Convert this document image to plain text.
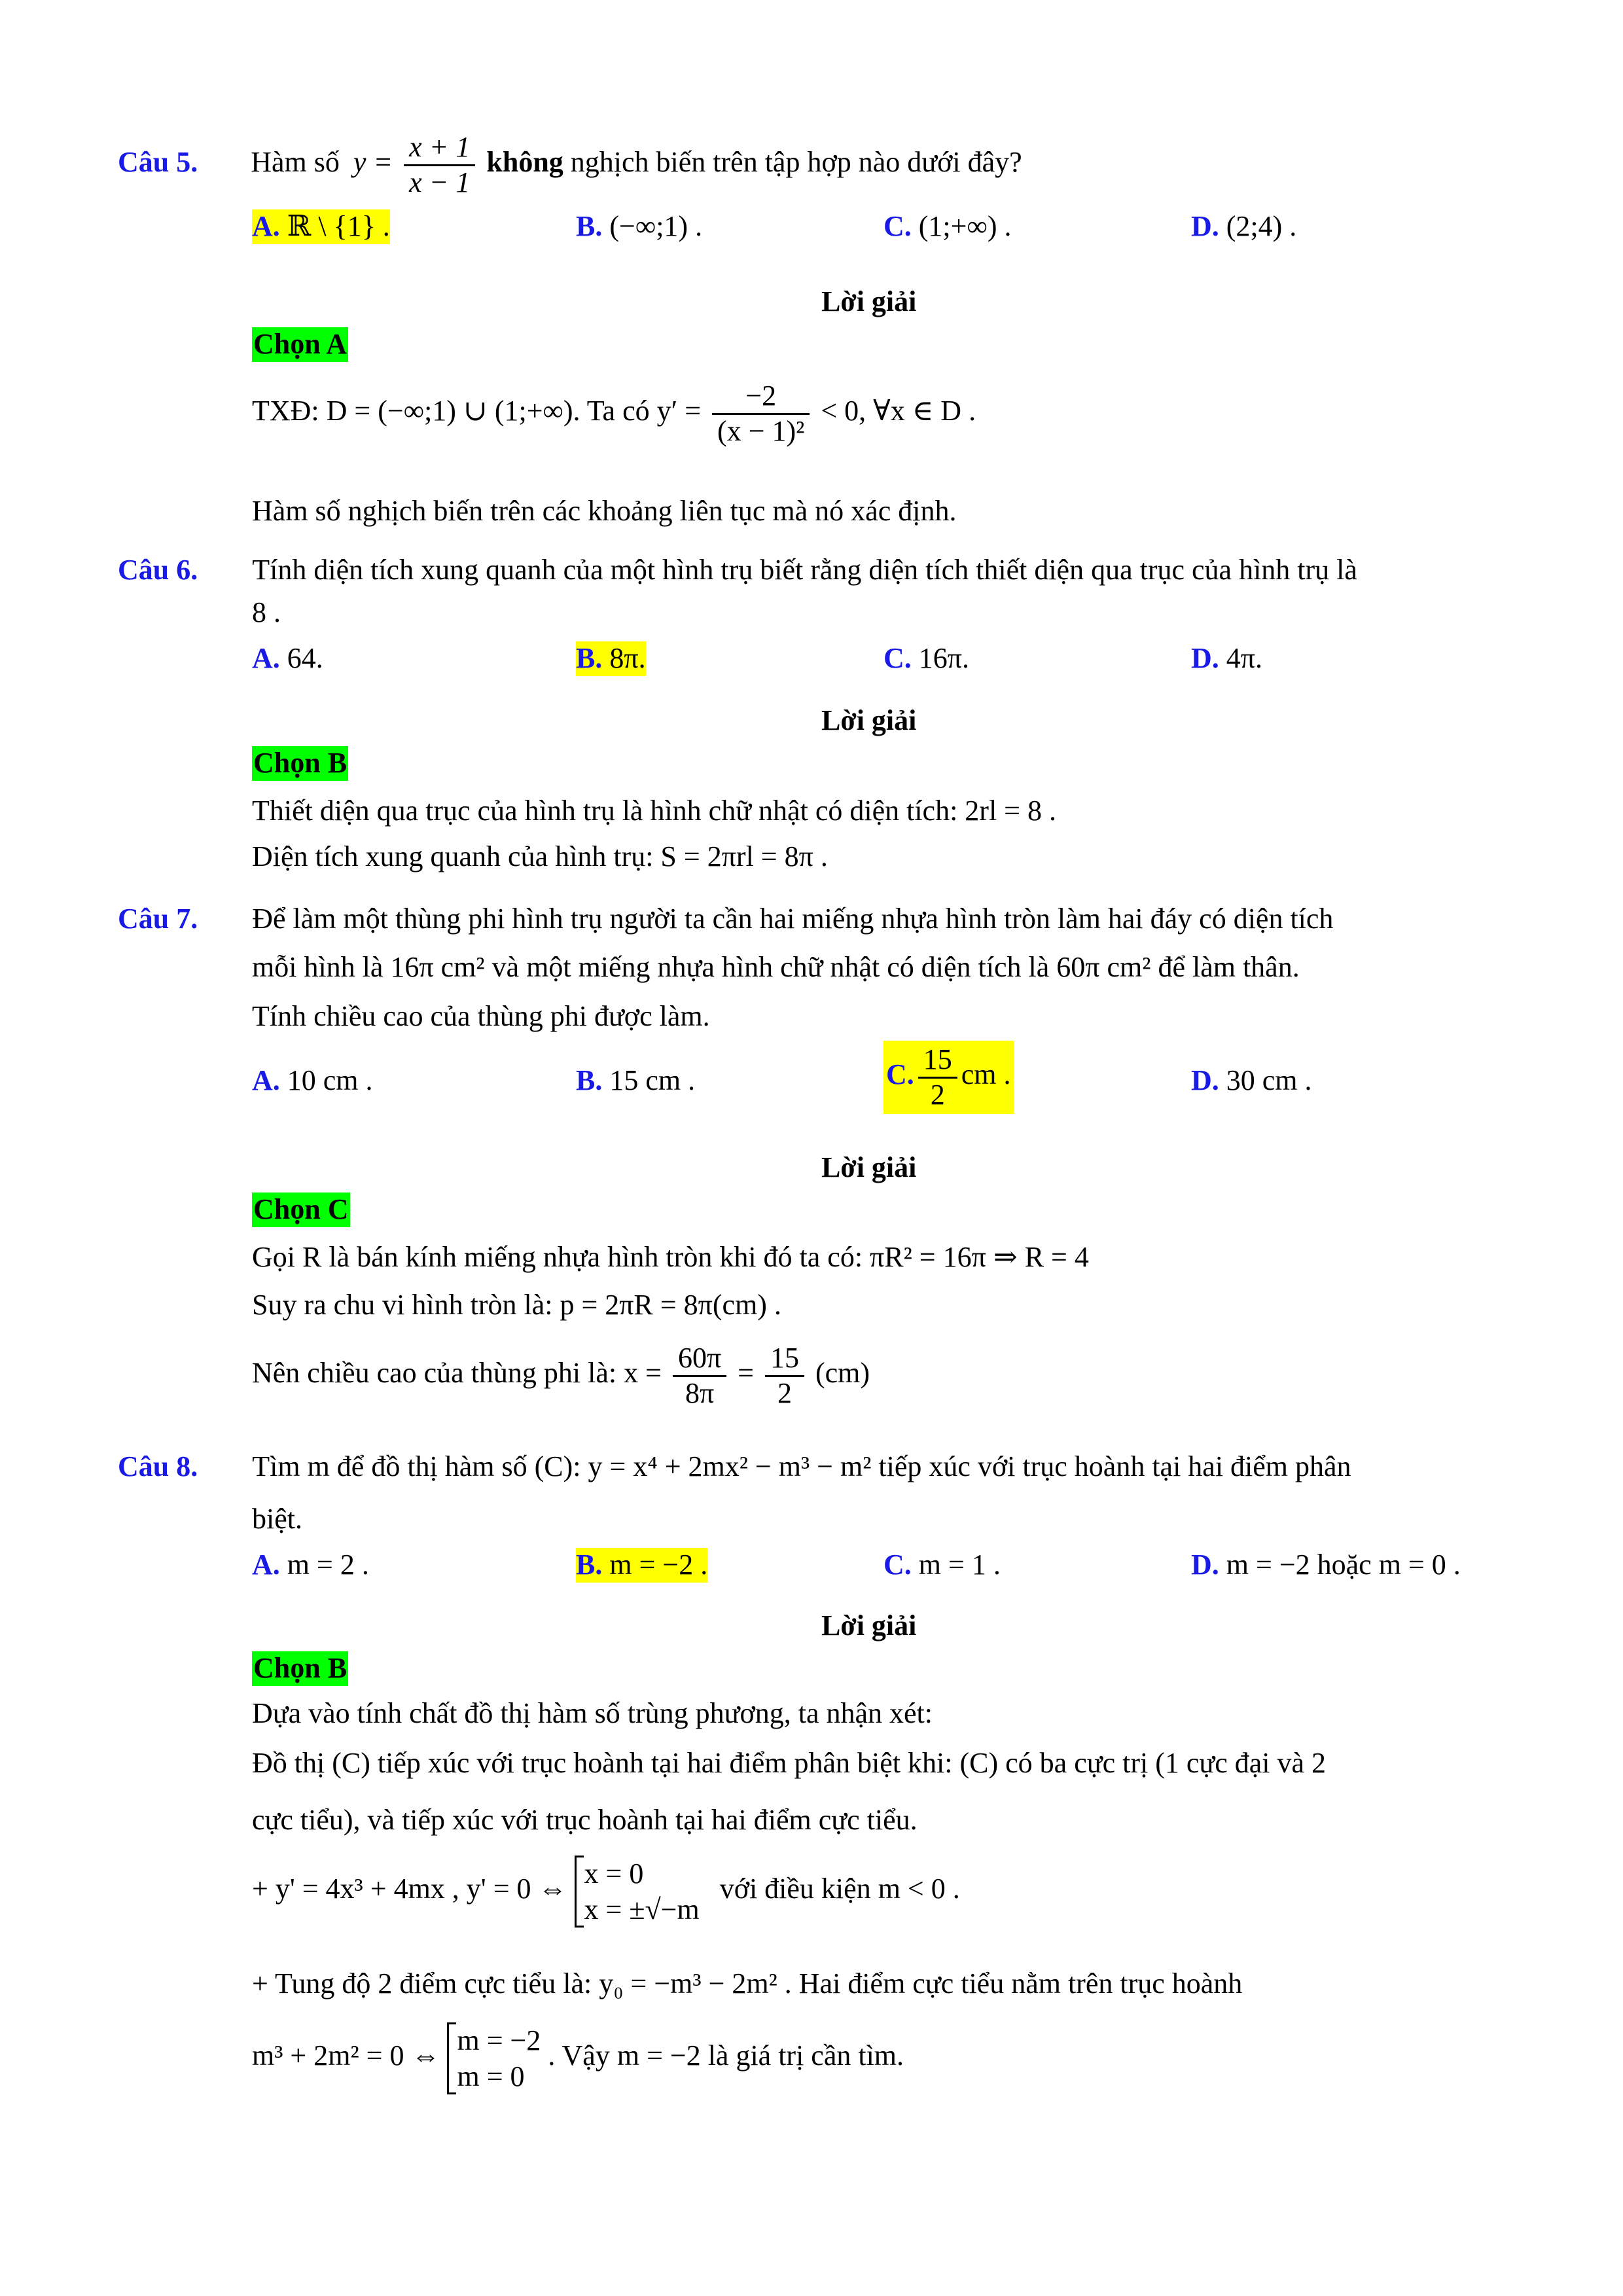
Câu 5. Hàm số $y = \frac{x + 1}{x - 1}$ không nghịch biến trên tập hợp nào dưới đây?
A. ℝ \ {1} .	B. (−∞;1) .	C. (1;+∞) .	D. (2;4) .
Lời giải
Chọn A
TXĐ: D = (−∞;1) ∪ (1;+∞). Ta có $y' = \frac{-2}{\text{(x − 1)²}} < 0$, ∀x ∈ D .
Hàm số nghịch biến trên các khoảng liên tục mà nó xác định.
Câu 6. Tính diện tích xung quanh của một hình trụ biết rằng diện tích thiết diện qua trục của hình trụ là
8 .
A. 64.	B. 8π.	C. 16π.	D. 4π.
Lời giải
Chọn B
Thiết diện qua trục của hình trụ là hình chữ nhật có diện tích: 2rl = 8 .
Diện tích xung quanh của hình trụ: S = 2πrl = 8π .
Câu 7. Để làm một thùng phi hình trụ người ta cần hai miếng nhựa hình tròn làm hai đáy có diện tích
mỗi hình là 16π cm² và một miếng nhựa hình chữ nhật có diện tích là 60π cm² để làm thân.
Tính chiều cao của thùng phi được làm.
A. 10 cm .	B. 15 cm .	C. $\frac{15}{2}$ cm .	D. 30 cm .
Lời giải
Chọn C
Gọi R là bán kính miếng nhựa hình tròn khi đó ta có: πR² = 16π ⇒ R = 4
Suy ra chu vi hình tròn là: p = 2πR = 8π(cm) .
Nên chiều cao của thùng phi là: $x = \frac{60\pi}{8\pi} = \frac{15}{2} (cm)$
Câu 8. Tìm m để đồ thị hàm số (C): y = x⁴ + 2mx² − m³ − m² tiếp xúc với trục hoành tại hai điểm phân
biệt.
A. m = 2 .	B. m = −2 .	C. m = 1 .	D. m = −2 hoặc m = 0 .
Lời giải
Chọn B
Dựa vào tính chất đồ thị hàm số trùng phương, ta nhận xét:
Đồ thị (C) tiếp xúc với trục hoành tại hai điểm phân biệt khi: (C) có ba cực trị (1 cực đại và 2
cực tiểu), và tiếp xúc với trục hoành tại hai điểm cực tiểu.
+ y' = 4x³ + 4mx , y' = 0 ⇔ x = 0
x = ±√−m
với điều kiện m < 0 .
+ Tung độ 2 điểm cực tiểu là: y₀ = −m³ − 2m² . Hai điểm cực tiểu nằm trên trục hoành
m³ + 2m² = 0 ⇔ m = −2
m = 0
. Vậy m = −2 là giá trị cần tìm.
